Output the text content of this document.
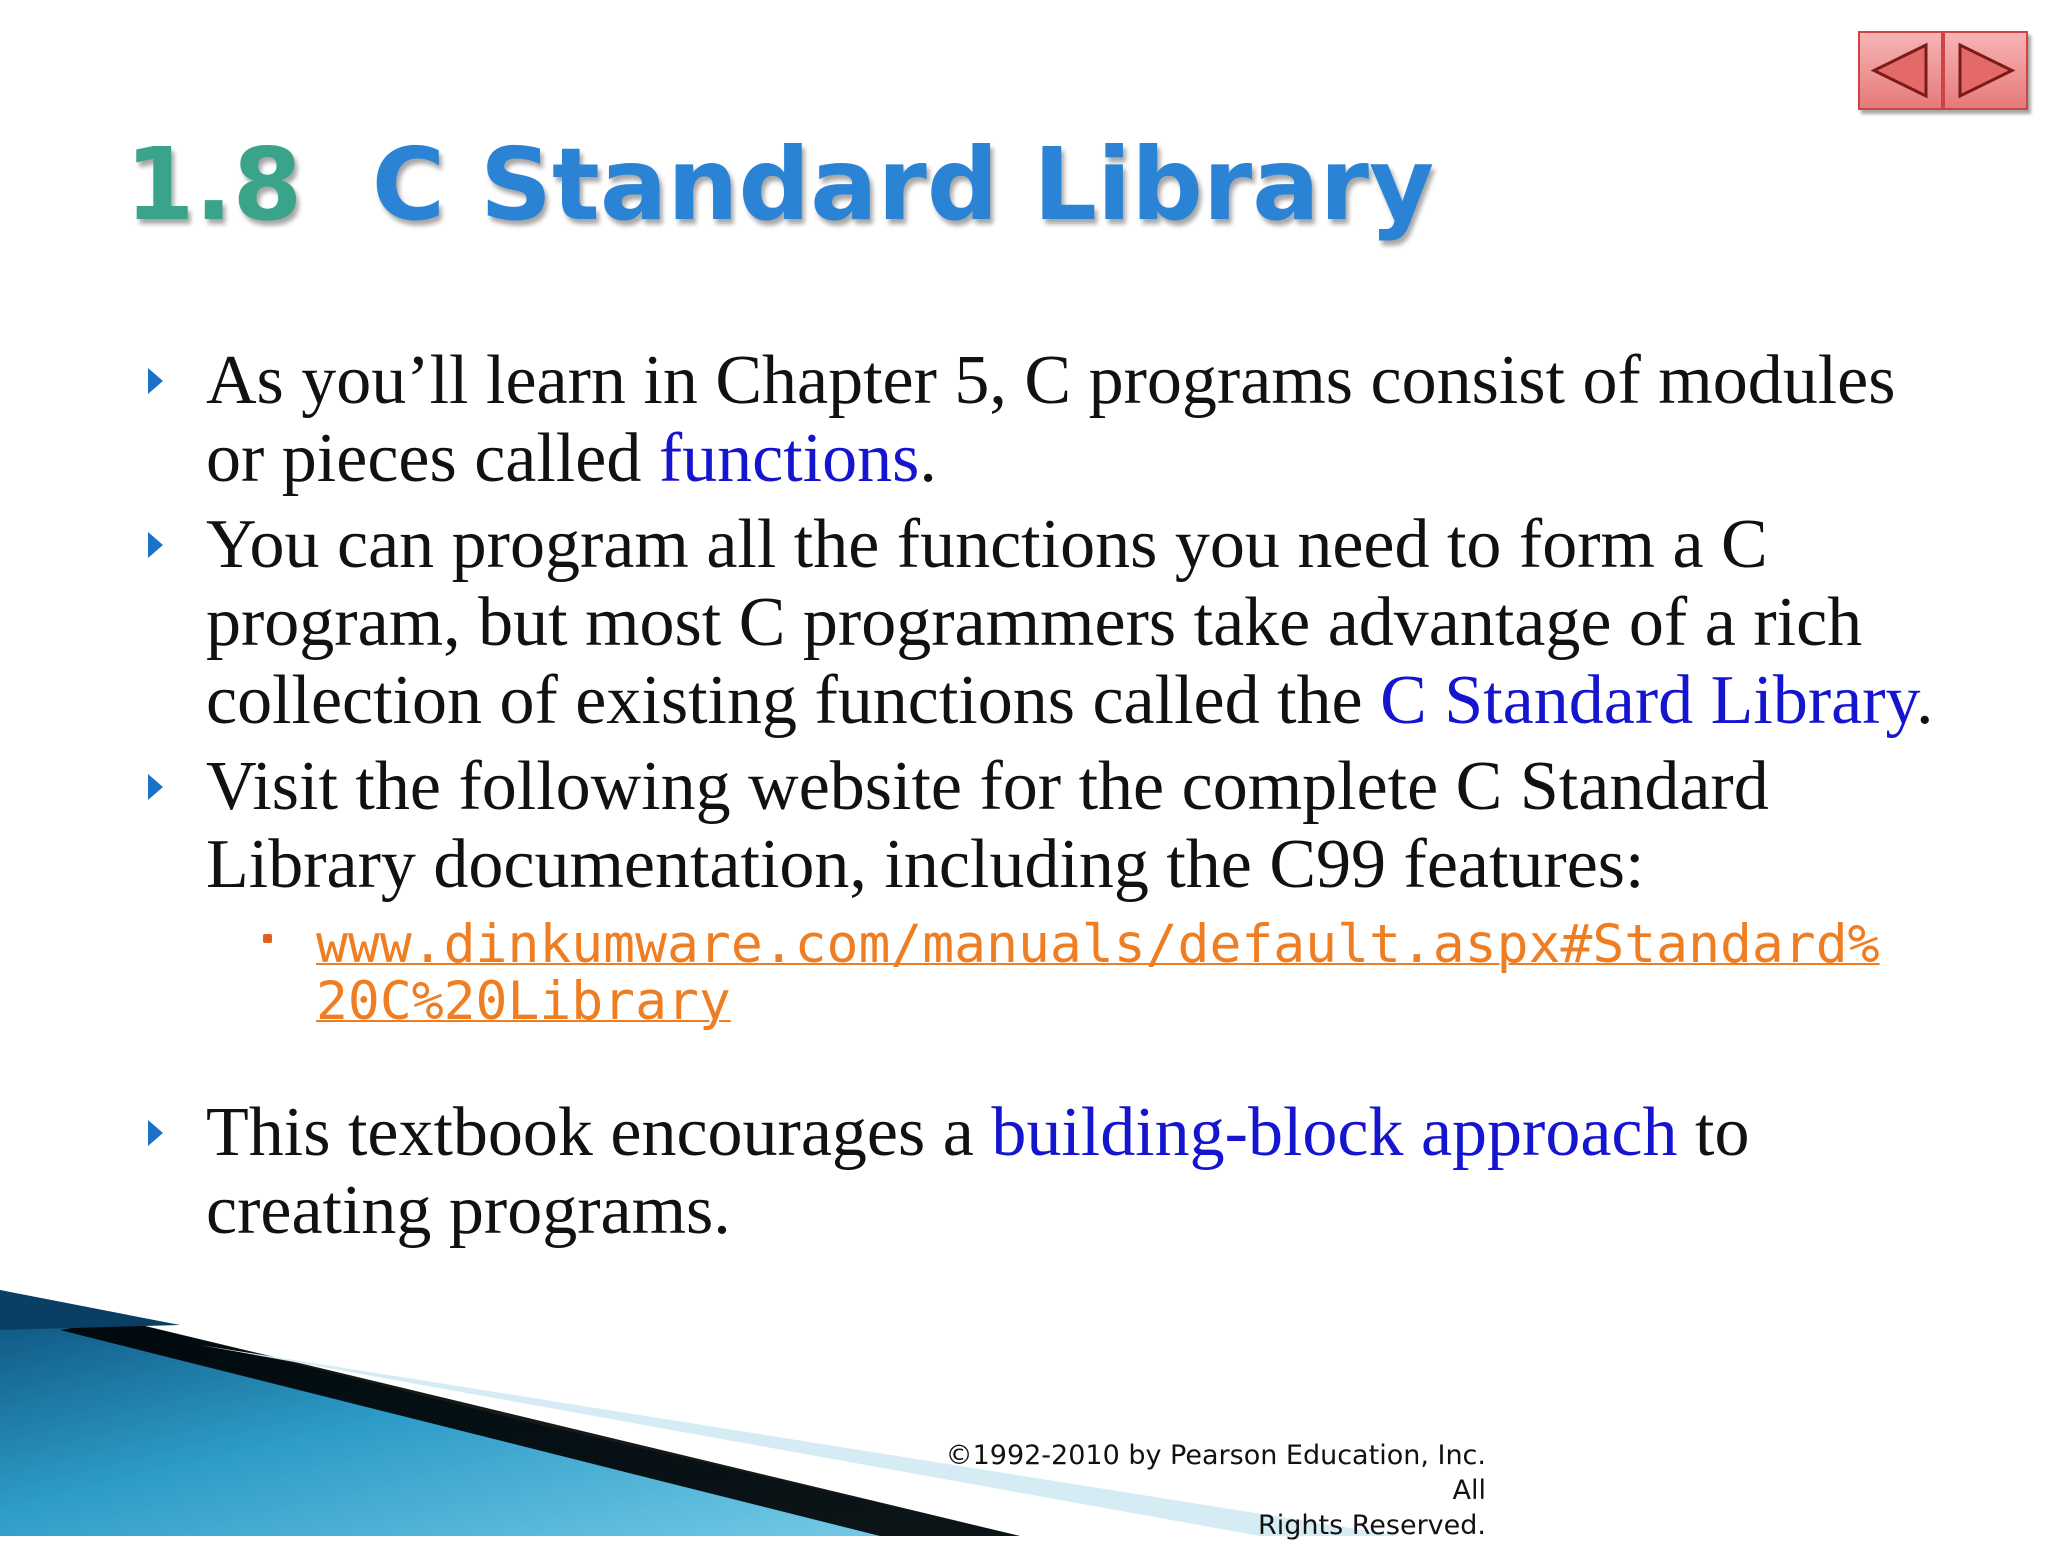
1.8 C Standard Library
As you’ll learn in Chapter 5, C programs consist of modules or pieces called functions.
You can program all the functions you need to form a C program, but most C programmers take advantage of a rich collection of existing functions called the C Standard Library.
Visit the following website for the complete C Standard Library documentation, including the C99 features:
www.dinkumware.com/manuals/default.aspx#Standard%
20C%20Library
This textbook encourages a building-block approach to creating programs.
©1992-2010 by Pearson Education, Inc. All
Rights Reserved.
